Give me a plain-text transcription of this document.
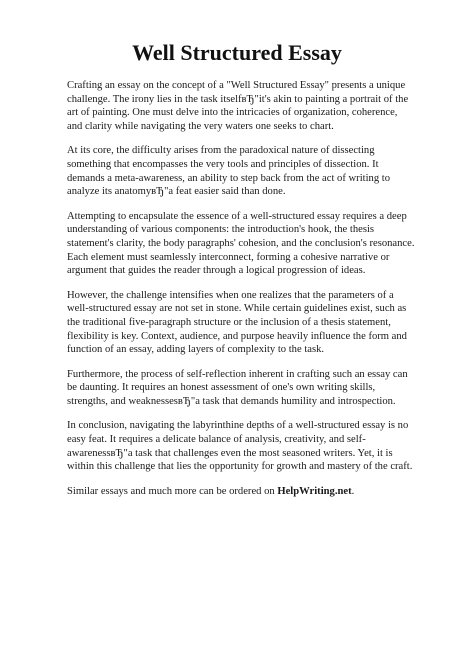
Well Structured Essay

Crafting an essay on the concept of a "Well Structured Essay" presents a unique challenge. The irony lies in the task itselfвЂ"it's akin to painting a portrait of the art of painting. One must delve into the intricacies of organization, coherence, and clarity while navigating the very waters one seeks to chart.

At its core, the difficulty arises from the paradoxical nature of dissecting something that encompasses the very tools and principles of dissection. It demands a meta-awareness, an ability to step back from the act of writing to analyze its anatomyвЂ"a feat easier said than done.

Attempting to encapsulate the essence of a well-structured essay requires a deep understanding of various components: the introduction's hook, the thesis statement's clarity, the body paragraphs' cohesion, and the conclusion's resonance. Each element must seamlessly interconnect, forming a cohesive narrative or argument that guides the reader through a logical progression of ideas.

However, the challenge intensifies when one realizes that the parameters of a well-structured essay are not set in stone. While certain guidelines exist, such as the traditional five-paragraph structure or the inclusion of a thesis statement, flexibility is key. Context, audience, and purpose heavily influence the form and function of an essay, adding layers of complexity to the task.

Furthermore, the process of self-reflection inherent in crafting such an essay can be daunting. It requires an honest assessment of one's own writing skills, strengths, and weaknessesвЂ"a task that demands humility and introspection.

In conclusion, navigating the labyrinthine depths of a well-structured essay is no easy feat. It requires a delicate balance of analysis, creativity, and self-awarenessвЂ"a task that challenges even the most seasoned writers. Yet, it is within this challenge that lies the opportunity for growth and mastery of the craft.

Similar essays and much more can be ordered on HelpWriting.net.
